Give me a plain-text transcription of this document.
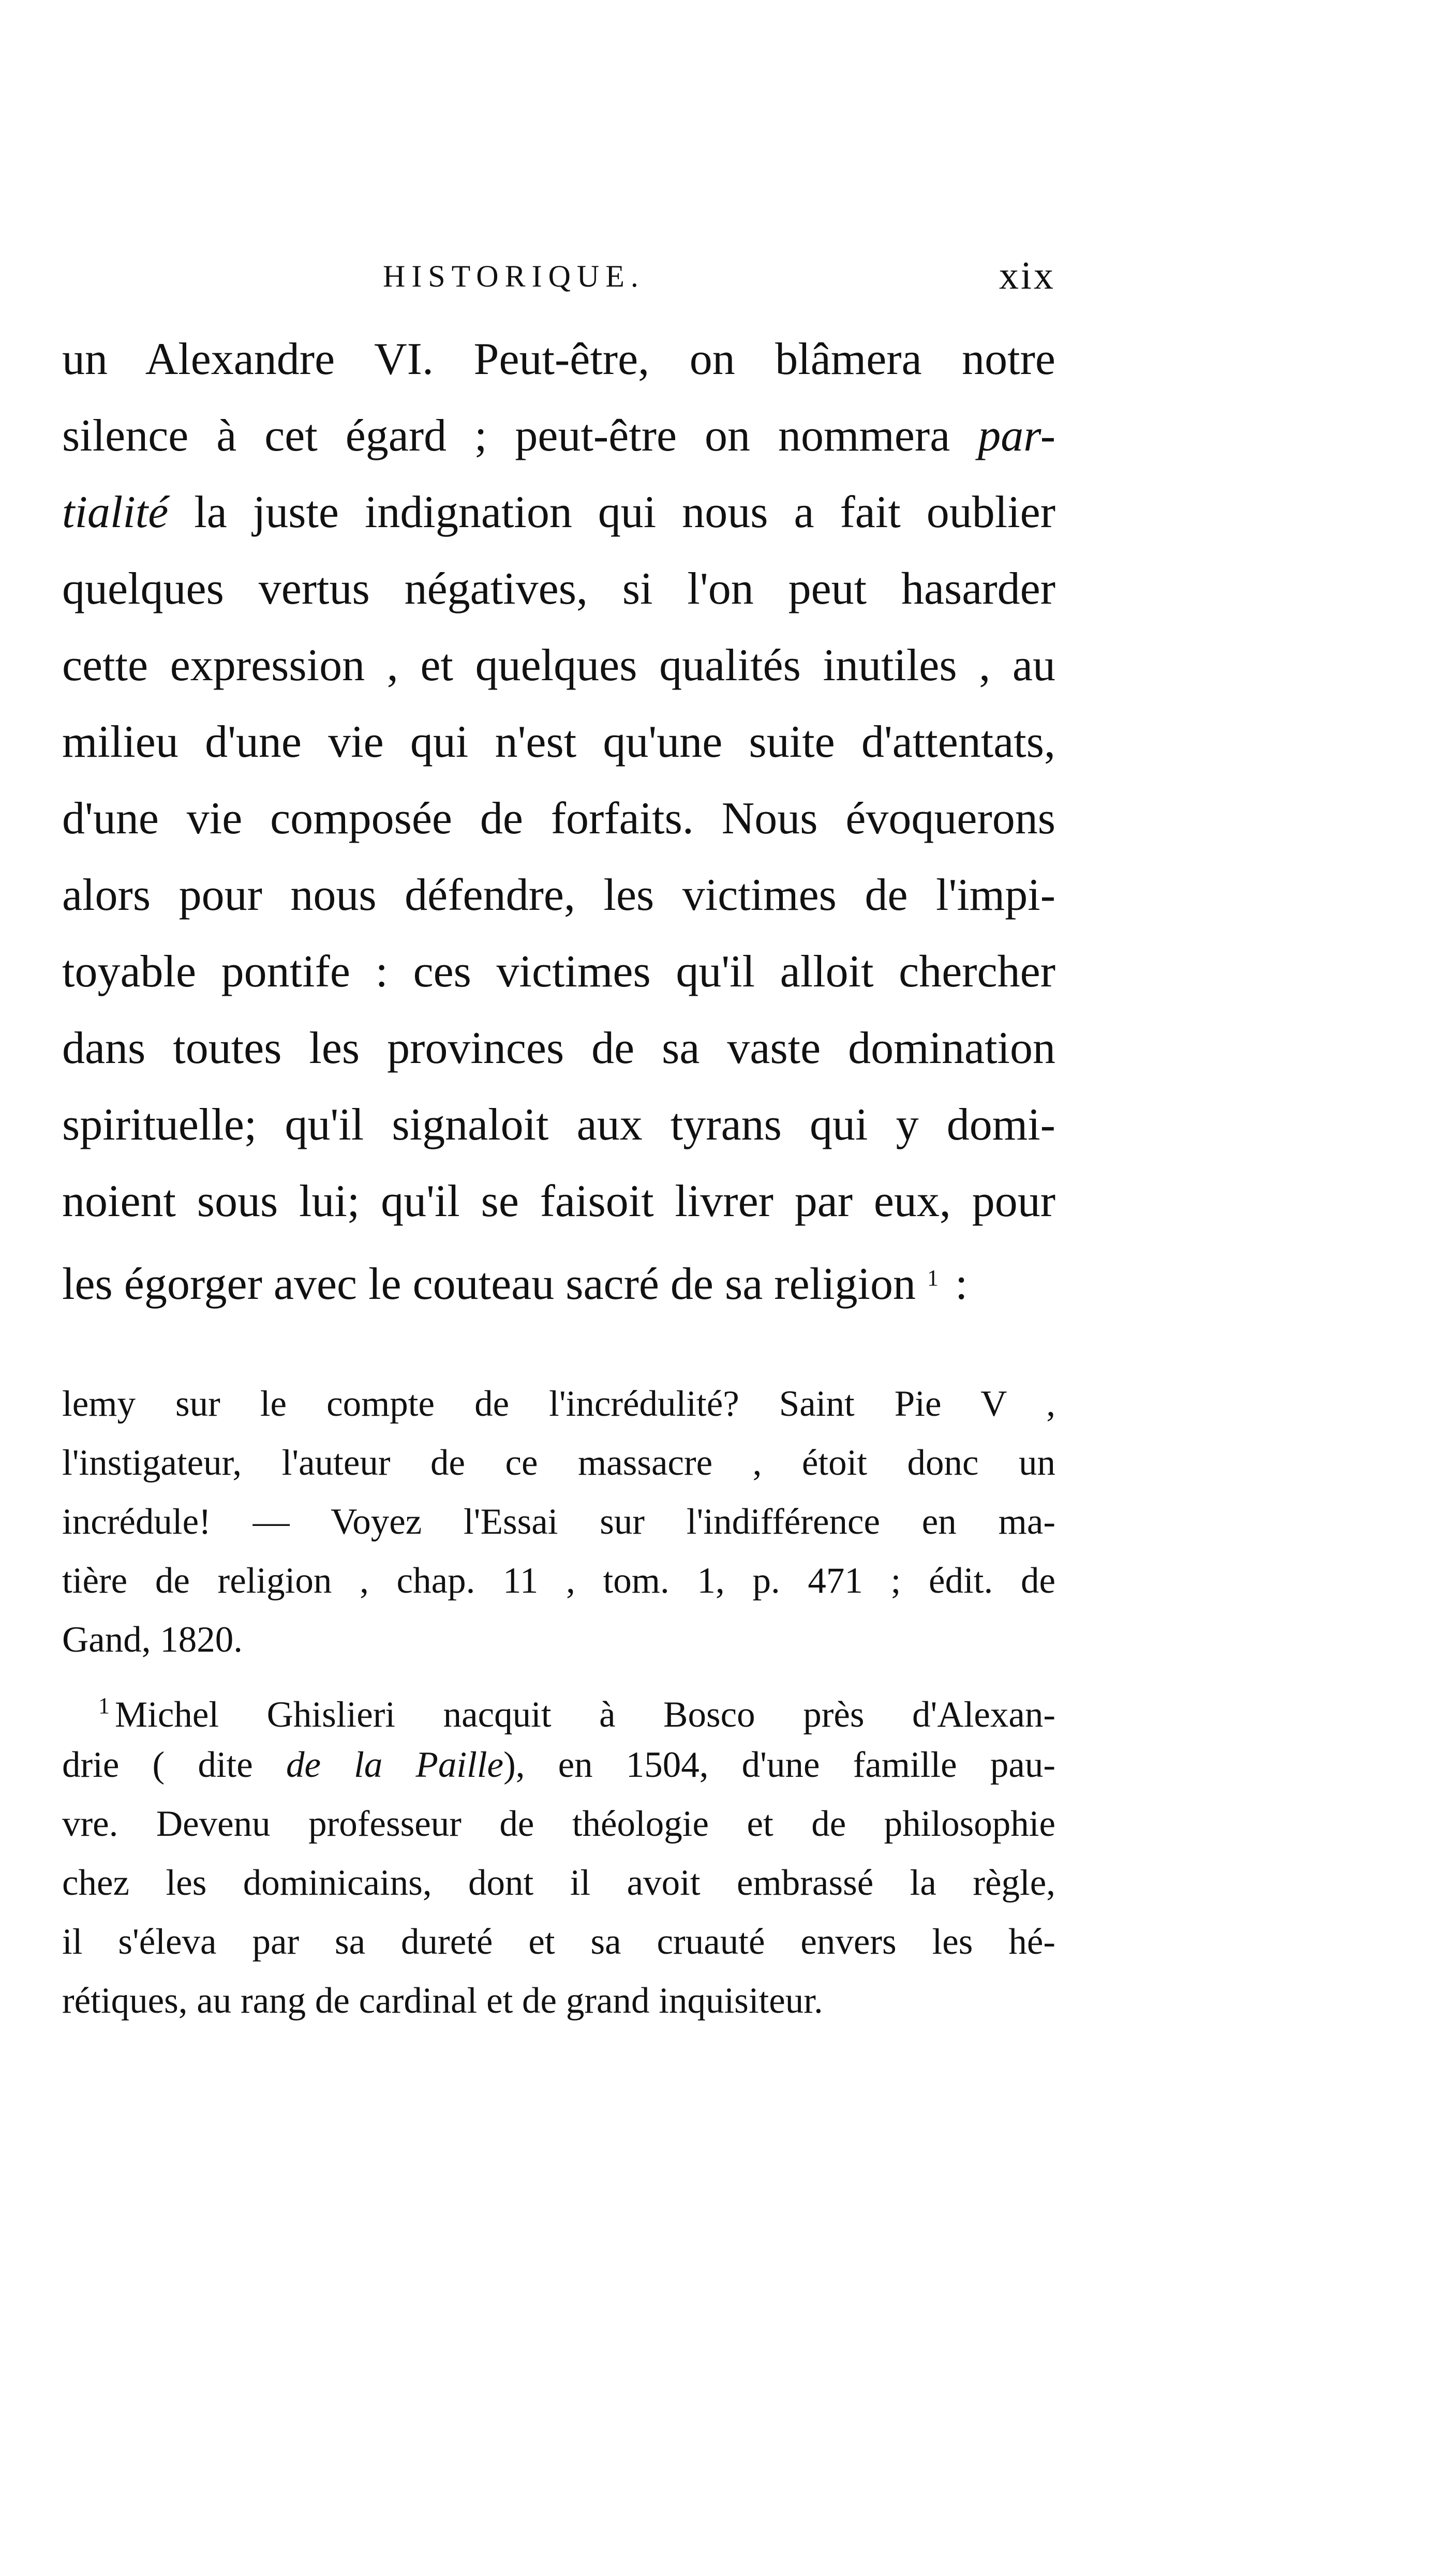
HISTORIQUE.	xix
un Alexandre VI. Peut-être, on blâmera notre
silence à cet égard ; peut-être on nommera par-
tialité la juste indignation qui nous a fait oublier
quelques vertus négatives, si l'on peut hasarder
cette expression , et quelques qualités inutiles , au
milieu d'une vie qui n'est qu'une suite d'attentats,
d'une vie composée de forfaits. Nous évoquerons
alors pour nous défendre, les victimes de l'impi-
toyable pontife : ces victimes qu'il alloit chercher
dans toutes les provinces de sa vaste domination
spirituelle; qu'il signaloit aux tyrans qui y domi-
noient sous lui; qu'il se faisoit livrer par eux, pour
les égorger avec le couteau sacré de sa religion $^1$ :
lemy sur le compte de l'incrédulité? Saint Pie V ,
l'instigateur, l'auteur de ce massacre , étoit donc un
incrédule! — Voyez l'Essai sur l'indifférence en ma-
tière de religion , chap. 11 , tom. 1, p. 471 ; édit. de
Gand, 1820.
$^1$ Michel Ghislieri nacquit à Bosco près d'Alexan-
drie ( dite de la Paille), en 1504, d'une famille pau-
vre. Devenu professeur de théologie et de philosophie
chez les dominicains, dont il avoit embrassé la règle,
il s'éleva par sa dureté et sa cruauté envers les hé-
rétiques, au rang de cardinal et de grand inquisiteur.
